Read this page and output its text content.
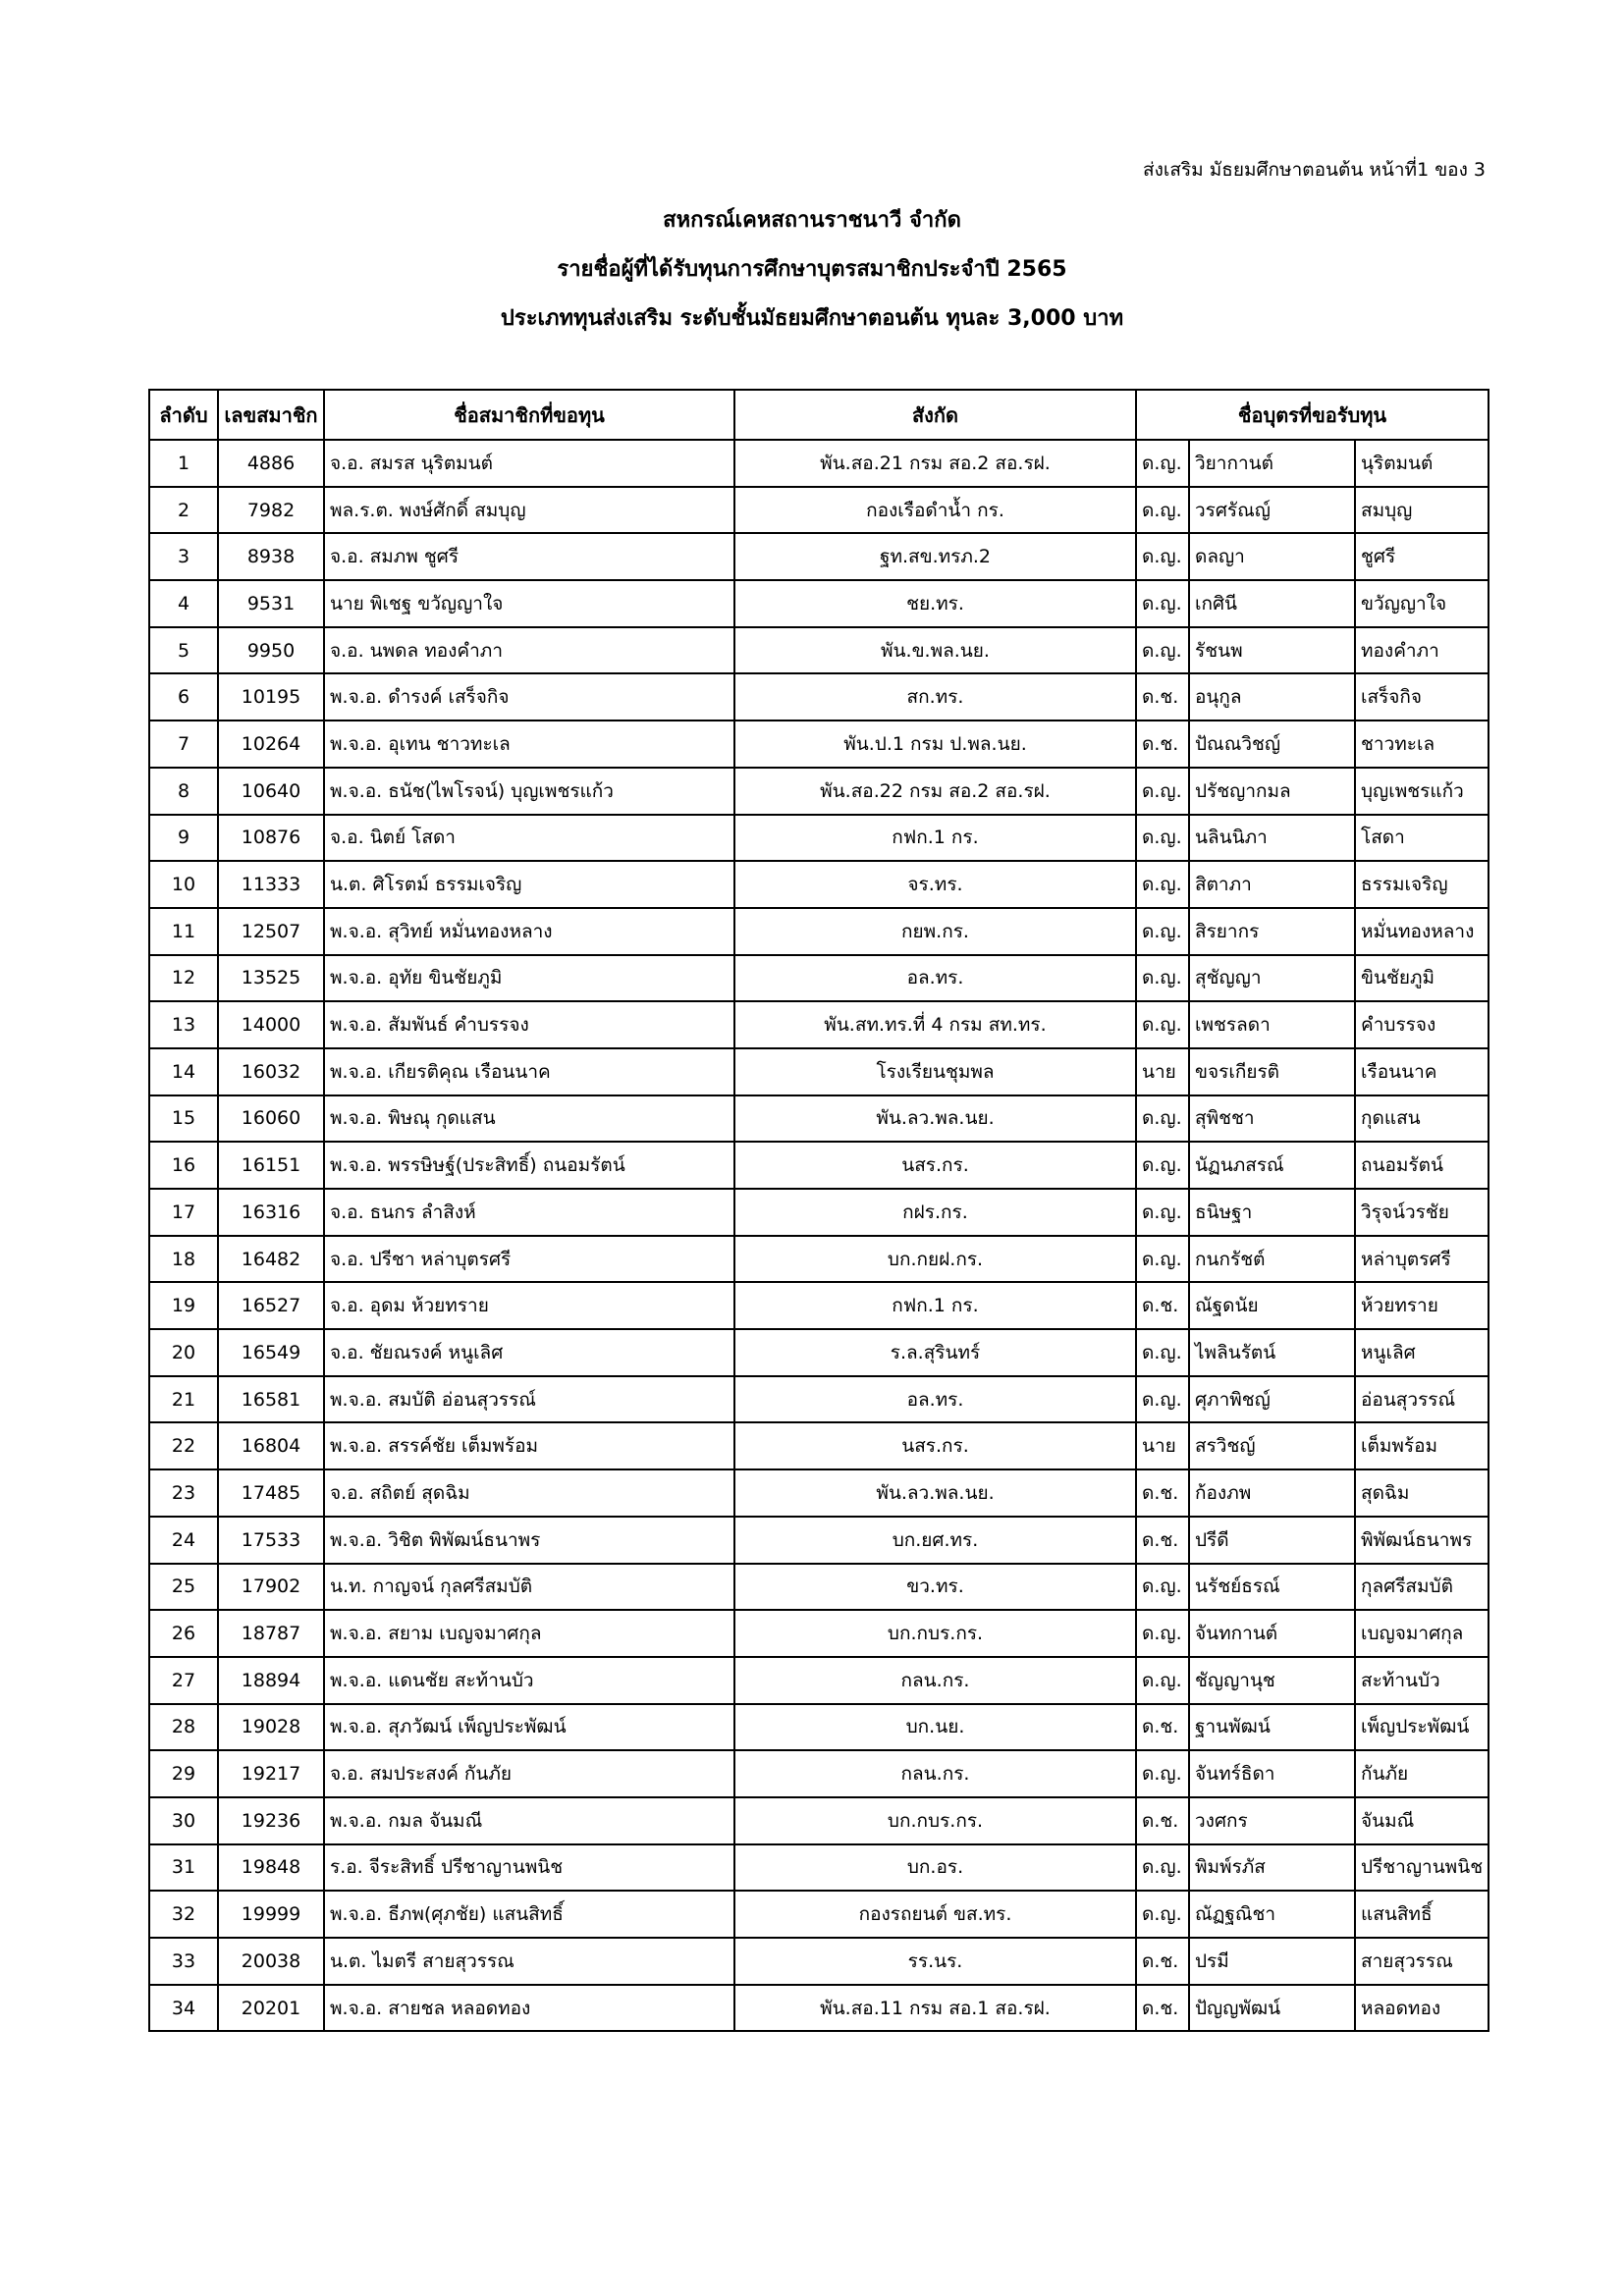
ส่งเสริม มัธยมศึกษาตอนต้น หน้าที่1 ของ 3
สหกรณ์เคหสถานราชนาวี จำกัด
รายชื่อผู้ที่ได้รับทุนการศึกษาบุตรสมาชิกประจำปี 2565
ประเภททุนส่งเสริม ระดับชั้นมัธยมศึกษาตอนต้น ทุนละ 3,000 บาท
ลำดับ	เลขสมาชิก	ชื่อสมาชิกที่ขอทุน	สังกัด	ชื่อบุตรที่ขอรับทุน		
1	4886	จ.อ. สมรส นุริตมนต์	พัน.สอ.21 กรม สอ.2 สอ.รฝ.	ด.ญ.	วิยากานต์	นุริตมนต์
2	7982	พล.ร.ต. พงษ์ศักดิ์ สมบุญ	กองเรือดำน้ำ กร.	ด.ญ.	วรศรัณญ์	สมบุญ
3	8938	จ.อ. สมภพ ชูศรี	ฐท.สข.ทรภ.2	ด.ญ.	ดลญา	ชูศรี
4	9531	นาย พิเชฐ ขวัญญาใจ	ชย.ทร.	ด.ญ.	เกศินี	ขวัญญาใจ
5	9950	จ.อ. นพดล ทองคำภา	พัน.ข.พล.นย.	ด.ญ.	รัชนพ	ทองคำภา
6	10195	พ.จ.อ. ดำรงค์ เสร็จกิจ	สก.ทร.	ด.ช.	อนุกูล	เสร็จกิจ
7	10264	พ.จ.อ. อุเทน ชาวทะเล	พัน.ป.1 กรม ป.พล.นย.	ด.ช.	ปัณณวิชญ์	ชาวทะเล
8	10640	พ.จ.อ. ธนัช(ไพโรจน์) บุญเพชรแก้ว	พัน.สอ.22 กรม สอ.2 สอ.รฝ.	ด.ญ.	ปรัชญากมล	บุญเพชรแก้ว
9	10876	จ.อ. นิตย์ โสดา	กฟก.1 กร.	ด.ญ.	นลินนิภา	โสดา
10	11333	น.ต. ศิโรตม์ ธรรมเจริญ	จร.ทร.	ด.ญ.	สิตาภา	ธรรมเจริญ
11	12507	พ.จ.อ. สุวิทย์ หมั่นทองหลาง	กยพ.กร.	ด.ญ.	สิรยากร	หมั่นทองหลาง
12	13525	พ.จ.อ. อุทัย ขินชัยภูมิ	อล.ทร.	ด.ญ.	สุชัญญา	ขินชัยภูมิ
13	14000	พ.จ.อ. สัมพันธ์ คำบรรจง	พัน.สท.ทร.ที่ 4 กรม สท.ทร.	ด.ญ.	เพชรลดา	คำบรรจง
14	16032	พ.จ.อ. เกียรติคุณ เรือนนาค	โรงเรียนชุมพล	นาย	ขจรเกียรติ	เรือนนาค
15	16060	พ.จ.อ. พิษณุ กุดแสน	พัน.ลว.พล.นย.	ด.ญ.	สุพิชชา	กุดแสน
16	16151	พ.จ.อ. พรรษิษฐ์(ประสิทธิ์) ถนอมรัตน์	นสร.กร.	ด.ญ.	นัฏนภสรณ์	ถนอมรัตน์
17	16316	จ.อ. ธนกร ลำสิงห์	กฝร.กร.	ด.ญ.	ธนิษฐา	วิรุจน์วรชัย
18	16482	จ.อ. ปรีชา หล่าบุตรศรี	บก.กยฝ.กร.	ด.ญ.	กนกรัชต์	หล่าบุตรศรี
19	16527	จ.อ. อุดม ห้วยทราย	กฟก.1 กร.	ด.ช.	ณัฐดนัย	ห้วยทราย
20	16549	จ.อ. ชัยณรงค์ หนูเลิศ	ร.ล.สุรินทร์	ด.ญ.	ไพลินรัตน์	หนูเลิศ
21	16581	พ.จ.อ. สมบัติ อ่อนสุวรรณ์	อล.ทร.	ด.ญ.	ศุภาพิชญ์	อ่อนสุวรรณ์
22	16804	พ.จ.อ. สรรค์ชัย เต็มพร้อม	นสร.กร.	นาย	สรวิชญ์	เต็มพร้อม
23	17485	จ.อ. สถิตย์ สุดฉิม	พัน.ลว.พล.นย.	ด.ช.	ก้องภพ	สุดฉิม
24	17533	พ.จ.อ. วิชิต พิพัฒน์ธนาพร	บก.ยศ.ทร.	ด.ช.	ปรีดี	พิพัฒน์ธนาพร
25	17902	น.ท. กาญจน์ กุลศรีสมบัติ	ขว.ทร.	ด.ญ.	นรัชย์ธรณ์	กุลศรีสมบัติ
26	18787	พ.จ.อ. สยาม เบญจมาศกุล	บก.กบร.กร.	ด.ญ.	จันทกานต์	เบญจมาศกุล
27	18894	พ.จ.อ. แดนชัย สะท้านบัว	กลน.กร.	ด.ญ.	ชัญญานุช	สะท้านบัว
28	19028	พ.จ.อ. สุภวัฒน์ เพ็ญประพัฒน์	บก.นย.	ด.ช.	ฐานพัฒน์	เพ็ญประพัฒน์
29	19217	จ.อ. สมประสงค์ กันภัย	กลน.กร.	ด.ญ.	จันทร์ธิดา	กันภัย
30	19236	พ.จ.อ. กมล จันมณี	บก.กบร.กร.	ด.ช.	วงศกร	จันมณี
31	19848	ร.อ. จีระสิทธิ์ ปรีชาญานพนิช	บก.อร.	ด.ญ.	พิมพ์รภัส	ปรีชาญานพนิช
32	19999	พ.จ.อ. ธีภพ(ศุภชัย) แสนสิทธิ์	กองรถยนต์ ขส.ทร.	ด.ญ.	ณัฏฐณิชา	แสนสิทธิ์
33	20038	น.ต. ไมตรี สายสุวรรณ	รร.นร.	ด.ช.	ปรมี	สายสุวรรณ
34	20201	พ.จ.อ. สายชล หลอดทอง	พัน.สอ.11 กรม สอ.1 สอ.รฝ.	ด.ช.	ปัญญพัฒน์	หลอดทอง
